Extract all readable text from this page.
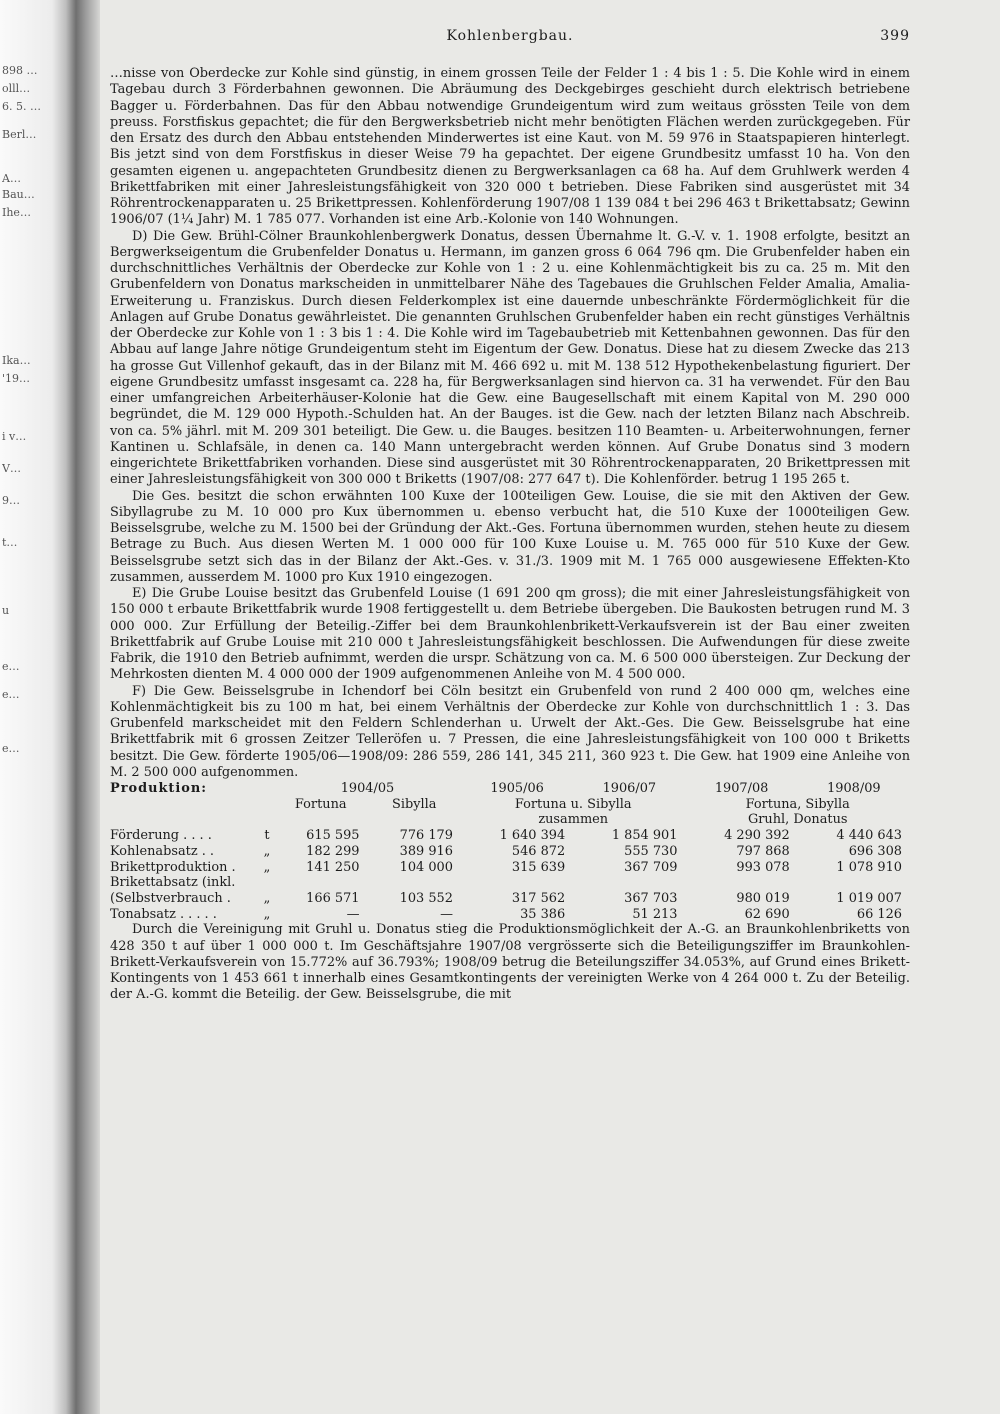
898 …
olll…
6. 5. …
Berl…
A…
Bau…
Ihe…
Ika…
'19…
i v…
V…
9…
t…
u
e…
e…
e…
Kohlenbergbau.	399

…nisse von Oberdecke zur Kohle sind günstig, in einem grossen Teile der Felder 1 : 4 bis 1 : 5. Die Kohle wird in einem Tagebau durch 3 Förderbahnen gewonnen. Die Abräumung des Deckgebirges geschieht durch elektrisch betriebene Bagger u. Förderbahnen. Das für den Abbau notwendige Grundeigentum wird zum weitaus grössten Teile von dem preuss. Forstfiskus gepachtet; die für den Bergwerksbetrieb nicht mehr benötigten Flächen werden zurückgegeben. Für den Ersatz des durch den Abbau entstehenden Minderwertes ist eine Kaut. von M. 59 976 in Staatspapieren hinterlegt. Bis jetzt sind von dem Forstfiskus in dieser Weise 79 ha gepachtet. Der eigene Grundbesitz umfasst 10 ha. Von den gesamten eigenen u. angepachteten Grundbesitz dienen zu Bergwerksanlagen ca 68 ha. Auf dem Gruhlwerk werden 4 Brikettfabriken mit einer Jahresleistungsfähigkeit von 320 000 t betrieben. Diese Fabriken sind ausgerüstet mit 34 Röhrentrockenapparaten u. 25 Brikettpressen. Kohlenförderung 1907/08 1 139 084 t bei 296 463 t Brikettabsatz; Gewinn 1906/07 (1¼ Jahr) M. 1 785 077. Vorhanden ist eine Arb.-Kolonie von 140 Wohnungen.

D) Die Gew. Brühl-Cölner Braunkohlenbergwerk Donatus, dessen Übernahme lt. G.-V. v. 1. 1908 erfolgte, besitzt an Bergwerkseigentum die Grubenfelder Donatus u. Hermann, im ganzen gross 6 064 796 qm. Die Grubenfelder haben ein durchschnittliches Verhältnis der Oberdecke zur Kohle von 1 : 2 u. eine Kohlenmächtigkeit bis zu ca. 25 m. Mit den Grubenfeldern von Donatus markscheiden in unmittelbarer Nähe des Tagebaues die Gruhlschen Felder Amalia, Amalia-Erweiterung u. Franziskus. Durch diesen Felderkomplex ist eine dauernde unbeschränkte Fördermöglichkeit für die Anlagen auf Grube Donatus gewährleistet. Die genannten Gruhlschen Grubenfelder haben ein recht günstiges Verhältnis der Oberdecke zur Kohle von 1 : 3 bis 1 : 4. Die Kohle wird im Tagebaubetrieb mit Kettenbahnen gewonnen. Das für den Abbau auf lange Jahre nötige Grundeigentum steht im Eigentum der Gew. Donatus. Diese hat zu diesem Zwecke das 213 ha grosse Gut Villenhof gekauft, das in der Bilanz mit M. 466 692 u. mit M. 138 512 Hypothekenbelastung figuriert. Der eigene Grundbesitz umfasst insgesamt ca. 228 ha, für Bergwerksanlagen sind hiervon ca. 31 ha verwendet. Für den Bau einer umfangreichen Arbeiterhäuser-Kolonie hat die Gew. eine Baugesellschaft mit einem Kapital von M. 290 000 begründet, die M. 129 000 Hypoth.-Schulden hat. An der Bauges. ist die Gew. nach der letzten Bilanz nach Abschreib. von ca. 5% jährl. mit M. 209 301 beteiligt. Die Gew. u. die Bauges. besitzen 110 Beamten- u. Arbeiterwohnungen, ferner Kantinen u. Schlafsäle, in denen ca. 140 Mann untergebracht werden können. Auf Grube Donatus sind 3 modern eingerichtete Brikettfabriken vorhanden. Diese sind ausgerüstet mit 30 Röhrentrockenapparaten, 20 Brikettpressen mit einer Jahresleistungsfähigkeit von 300 000 t Briketts (1907/08: 277 647 t). Die Kohlenförder. betrug 1 195 265 t.

Die Ges. besitzt die schon erwähnten 100 Kuxe der 100teiligen Gew. Louise, die sie mit den Aktiven der Gew. Sibyllagrube zu M. 10 000 pro Kux übernommen u. ebenso verbucht hat, die 510 Kuxe der 1000teiligen Gew. Beisselsgrube, welche zu M. 1500 bei der Gründung der Akt.-Ges. Fortuna übernommen wurden, stehen heute zu diesem Betrage zu Buch. Aus diesen Werten M. 1 000 000 für 100 Kuxe Louise u. M. 765 000 für 510 Kuxe der Gew. Beisselsgrube setzt sich das in der Bilanz der Akt.-Ges. v. 31./3. 1909 mit M. 1 765 000 ausgewiesene Effekten-Kto zusammen, ausserdem M. 1000 pro Kux 1910 eingezogen.

E) Die Grube Louise besitzt das Grubenfeld Louise (1 691 200 qm gross); die mit einer Jahresleistungsfähigkeit von 150 000 t erbaute Brikettfabrik wurde 1908 fertiggestellt u. dem Betriebe übergeben. Die Baukosten betrugen rund M. 3 000 000. Zur Erfüllung der Beteilig.-Ziffer bei dem Braunkohlenbrikett-Verkaufsverein ist der Bau einer zweiten Brikettfabrik auf Grube Louise mit 210 000 t Jahresleistungsfähigkeit beschlossen. Die Aufwendungen für diese zweite Fabrik, die 1910 den Betrieb aufnimmt, werden die urspr. Schätzung von ca. M. 6 500 000 übersteigen. Zur Deckung der Mehrkosten dienten M. 4 000 000 der 1909 aufgenommenen Anleihe von M. 4 500 000.

F) Die Gew. Beisselsgrube in Ichendorf bei Cöln besitzt ein Grubenfeld von rund 2 400 000 qm, welches eine Kohlenmächtigkeit bis zu 100 m hat, bei einem Verhältnis der Oberdecke zur Kohle von durchschnittlich 1 : 3. Das Grubenfeld markscheidet mit den Feldern Schlenderhan u. Urwelt der Akt.-Ges. Die Gew. Beisselsgrube hat eine Brikettfabrik mit 6 grossen Zeitzer Telleröfen u. 7 Pressen, die eine Jahresleistungsfähigkeit von 100 000 t Briketts besitzt. Die Gew. förderte 1905/06—1908/09: 286 559, 286 141, 345 211, 360 923 t. Die Gew. hat 1909 eine Anleihe von M. 2 500 000 aufgenommen.

Produktion:		1904/05		1905/06	1906/07	1907/08	1908/09
		Fortuna	Sibylla	Fortuna u. Sibylla		Fortuna, Sibylla	
				zusammen		Gruhl, Donatus	
Förderung . . . .	t	615 595	776 179	1 640 394	1 854 901	4 290 392	4 440 643
Kohlenabsatz . .	„	182 299	389 916	546 872	555 730	797 868	696 308
Brikettproduktion .	„	141 250	104 000	315 639	367 709	993 078	1 078 910
Brikettabsatz (inkl.							
(Selbstverbrauch .	„	166 571	103 552	317 562	367 703	980 019	1 019 007
Tonabsatz . . . . .	„	—	—	35 386	51 213	62 690	66 126

Durch die Vereinigung mit Gruhl u. Donatus stieg die Produktionsmöglichkeit der A.-G. an Braunkohlenbriketts von 428 350 t auf über 1 000 000 t. Im Geschäftsjahre 1907/08 vergrösserte sich die Beteiligungsziffer im Braunkohlen-Brikett-Verkaufsverein von 15.772% auf 36.793%; 1908/09 betrug die Beteilungsziffer 34.053%, auf Grund eines Brikett-Kontingents von 1 453 661 t innerhalb eines Gesamtkontingents der vereinigten Werke von 4 264 000 t. Zu der Beteilig. der A.-G. kommt die Beteilig. der Gew. Beisselsgrube, die mit
